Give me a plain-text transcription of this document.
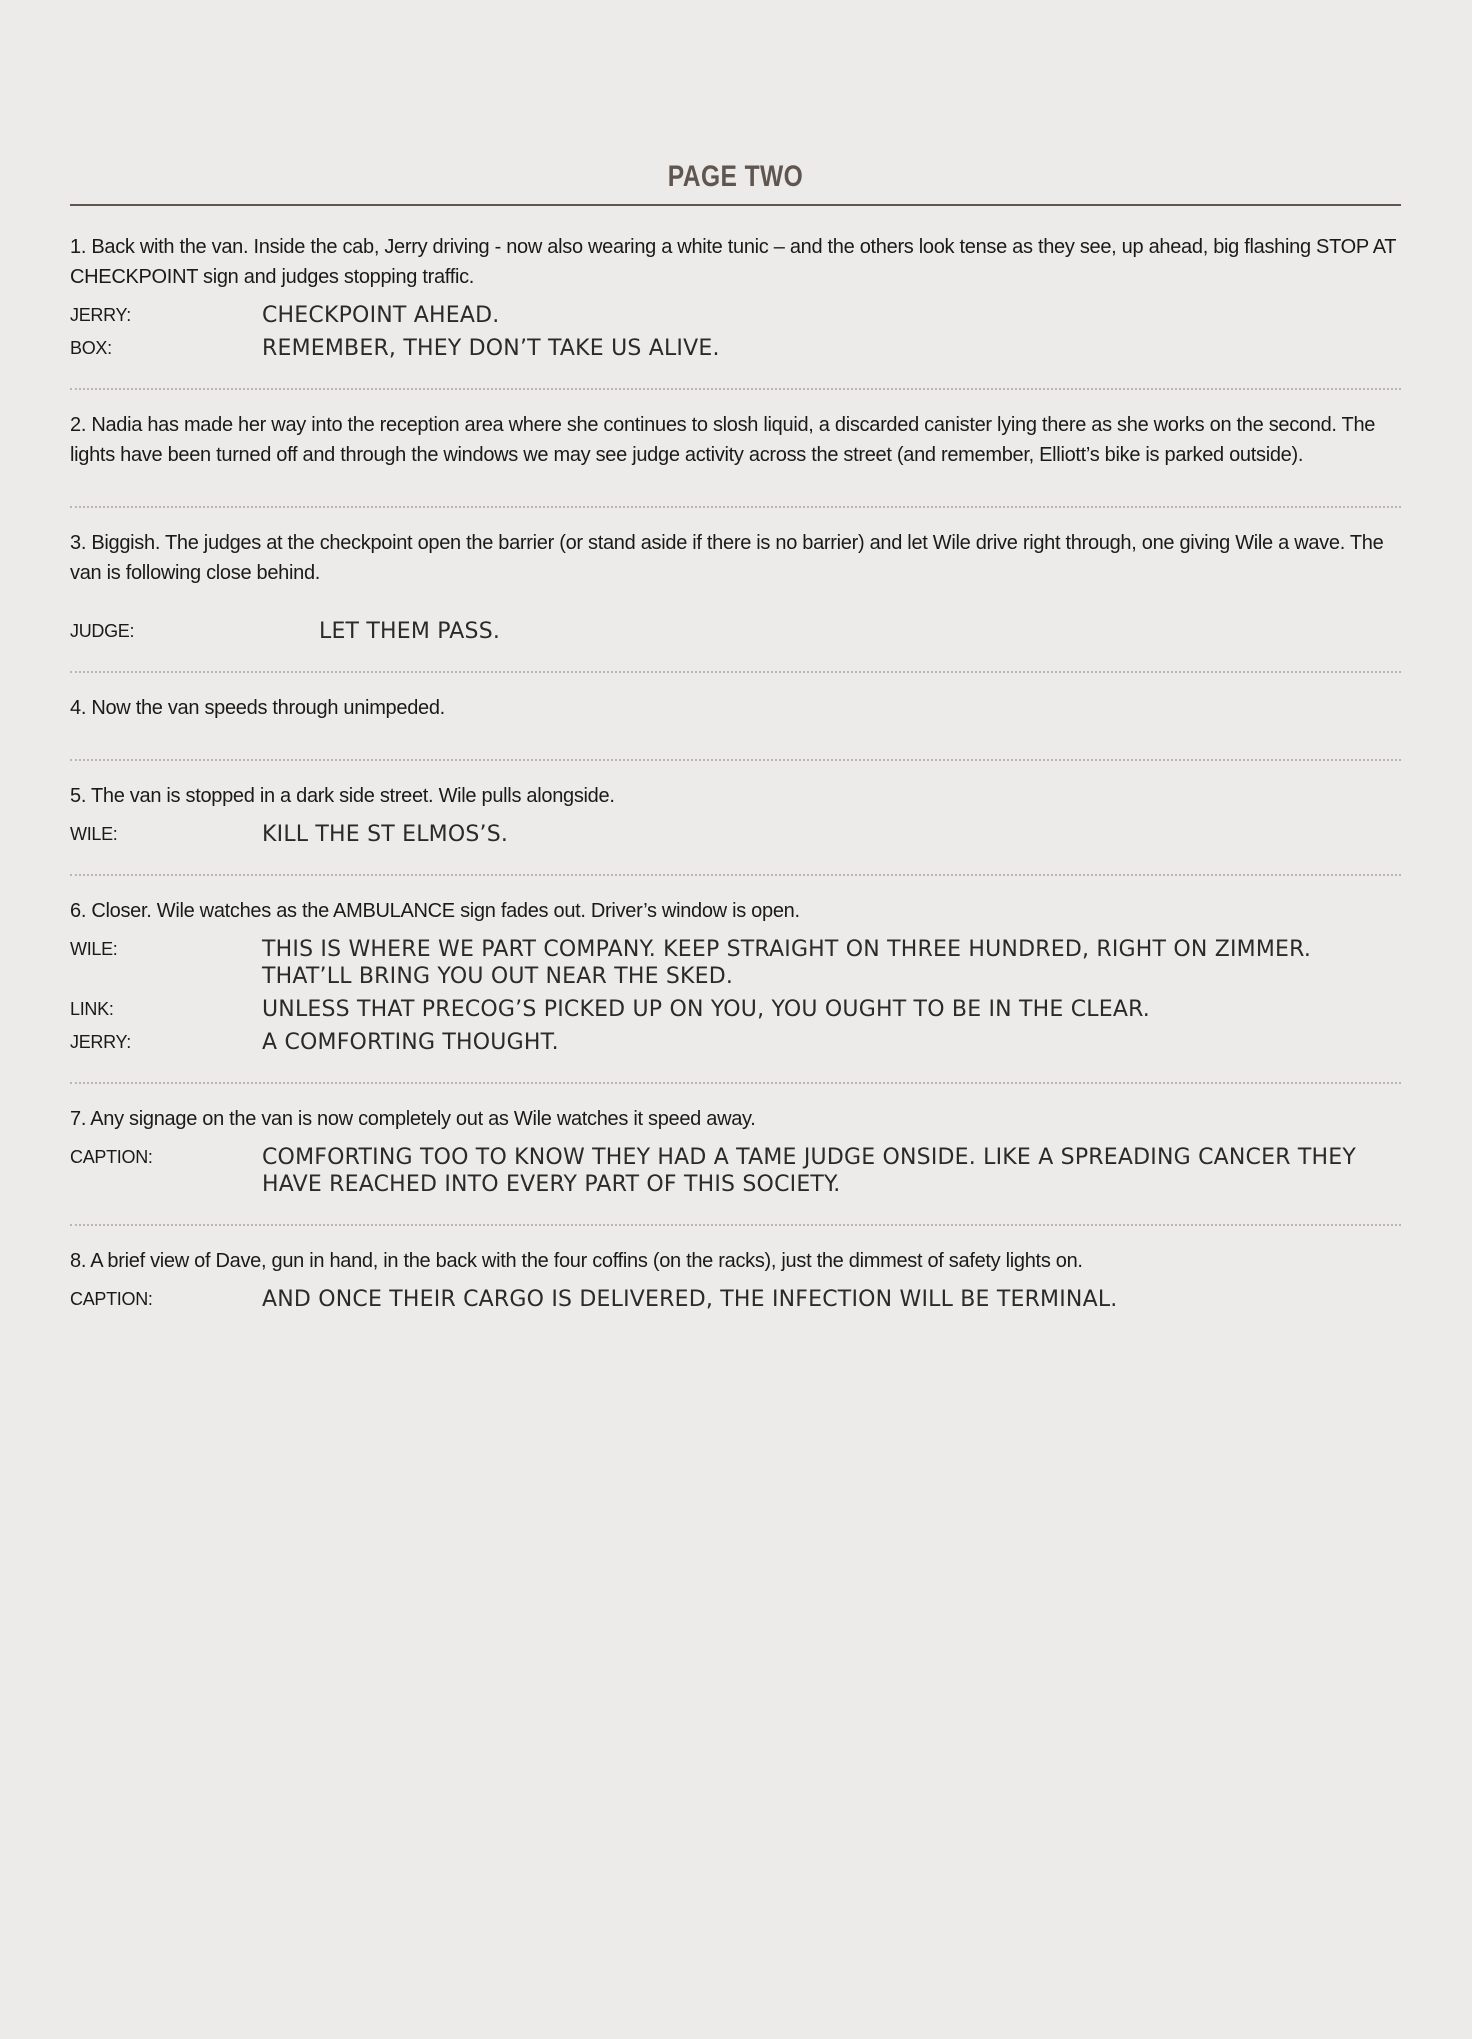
PAGE TWO

1. Back with the van. Inside the cab, Jerry driving - now also wearing a white tunic – and the others look tense as they see, up ahead, big flashing STOP AT CHECKPOINT sign and judges stopping traffic.

JERRY:	CHECKPOINT AHEAD.
BOX:	REMEMBER, THEY DON’T TAKE US ALIVE.

2. Nadia has made her way into the reception area where she continues to slosh liquid, a discarded canister lying there as she works on the second. The lights have been turned off and through the windows we may see judge activity across the street (and remember, Elliott’s bike is parked outside).

3. Biggish. The judges at the checkpoint open the barrier (or stand aside if there is no barrier) and let Wile drive right through, one giving Wile a wave. The van is following close behind.

JUDGE:	LET THEM PASS.

4. Now the van speeds through unimpeded.

5. The van is stopped in a dark side street. Wile pulls alongside.

WILE:	KILL THE ST ELMOS’S.

6. Closer. Wile watches as the AMBULANCE sign fades out. Driver’s window is open.

WILE:	THIS IS WHERE WE PART COMPANY. KEEP STRAIGHT ON THREE HUNDRED, RIGHT ON ZIMMER. THAT’LL BRING YOU OUT NEAR THE SKED.
LINK:	UNLESS THAT PRECOG’S PICKED UP ON YOU, YOU OUGHT TO BE IN THE CLEAR.
JERRY:	A COMFORTING THOUGHT.

7. Any signage on the van is now completely out as Wile watches it speed away.

CAPTION:	COMFORTING TOO TO KNOW THEY HAD A TAME JUDGE ONSIDE. LIKE A SPREADING CANCER THEY HAVE REACHED INTO EVERY PART OF THIS SOCIETY.

8. A brief view of Dave, gun in hand, in the back with the four coffins (on the racks), just the dimmest of safety lights on.

CAPTION:	AND ONCE THEIR CARGO IS DELIVERED, THE INFECTION WILL BE TERMINAL.
